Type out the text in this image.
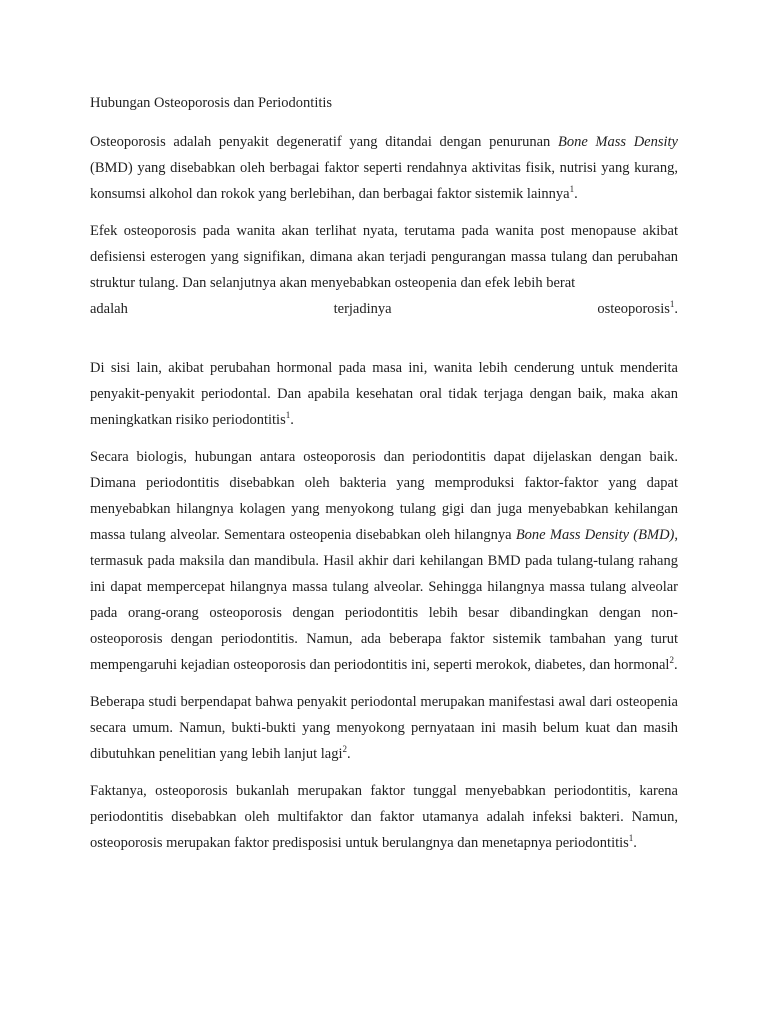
Hubungan Osteoporosis dan Periodontitis

Osteoporosis adalah penyakit degeneratif yang ditandai dengan penurunan Bone Mass Density (BMD) yang disebabkan oleh berbagai faktor seperti rendahnya aktivitas fisik, nutrisi yang kurang, konsumsi alkohol dan rokok yang berlebihan, dan berbagai faktor sistemik lainnya$^1$.

Efek osteoporosis pada wanita akan terlihat nyata, terutama pada wanita post menopause akibat defisiensi esterogen yang signifikan, dimana akan terjadi pengurangan massa tulang dan perubahan struktur tulang. Dan selanjutnya akan menyebabkan osteopenia dan efek lebih berat

adalah	terjadinya	osteoporosis$^1$.

Di sisi lain, akibat perubahan hormonal pada masa ini, wanita lebih cenderung untuk menderita penyakit-penyakit periodontal. Dan apabila kesehatan oral tidak terjaga dengan baik, maka akan meningkatkan risiko periodontitis$^1$.

Secara biologis, hubungan antara osteoporosis dan periodontitis dapat dijelaskan dengan baik. Dimana periodontitis disebabkan oleh bakteria yang memproduksi faktor-faktor yang dapat menyebabkan hilangnya kolagen yang menyokong tulang gigi dan juga menyebabkan kehilangan massa tulang alveolar. Sementara osteopenia disebabkan oleh hilangnya Bone Mass Density (BMD), termasuk pada maksila dan mandibula. Hasil akhir dari kehilangan BMD pada tulang-tulang rahang ini dapat mempercepat hilangnya massa tulang alveolar. Sehingga hilangnya massa tulang alveolar pada orang-orang osteoporosis dengan periodontitis lebih besar dibandingkan dengan non-osteoporosis dengan periodontitis. Namun, ada beberapa faktor sistemik tambahan yang turut mempengaruhi kejadian osteoporosis dan periodontitis ini, seperti merokok, diabetes, dan hormonal$^2$.

Beberapa studi berpendapat bahwa penyakit periodontal merupakan manifestasi awal dari osteopenia secara umum. Namun, bukti-bukti yang menyokong pernyataan ini masih belum kuat dan masih dibutuhkan penelitian yang lebih lanjut lagi$^2$.

Faktanya, osteoporosis bukanlah merupakan faktor tunggal menyebabkan periodontitis, karena periodontitis disebabkan oleh multifaktor dan faktor utamanya adalah infeksi bakteri. Namun, osteoporosis merupakan faktor predisposisi untuk berulangnya dan menetapnya periodontitis$^1$.
